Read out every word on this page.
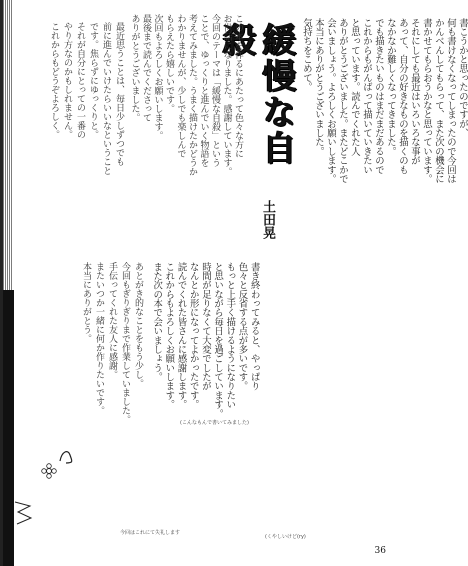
緩慢な自殺
土田晃
書こうかと思ったのですが、
何も書けなくなってしまったので今回は
かんべんしてもらって、また次の機会に
書かせてもらおうかなと思っています。
それにしても最近はいろいろな事が
あって、自分の好きなものを描くのも
なかなか難しくなってきました。
でも描きたいものはまだまだあるので
これからもがんばって描いていきたい
と思っています。読んでくれた人
ありがとうございました。またどこかで
会いましょう。よろしくお願いします。
本当にありがとうございました。
気持ちをこめて。
この本を作るにあたって色々な方に
お世話になりました。感謝しています。
今回のテーマは「緩慢な自殺」という
ことで、ゆっくりと進んでいく物語を
考えてみました。うまく描けたかどうか
わかりませんが、少しでも楽しんで
もらえたら嬉しいです。
次回もよろしくお願いします。
最後まで読んでくださって
ありがとうございました。
書き終わってみると、やっぱり
色々と反省する点が多いです。
もっと上手く描けるようになりたい
と思いながら毎日を過ごしています。
時間が足りなくて大変でしたが
なんとか形になってよかったです。
読んでくれた皆さんに感謝します。
これからもよろしくお願いします。
また次の本で会いましょう。
最近思うことは、毎日少しずつでも
前に進んでいけたらいいなということ
です。焦らずにゆっくりと。
それが自分にとっての一番の
やり方なのかもしれません。
これからもどうぞよろしく。
あとがき的なことをもう少し。
今回もぎりぎりまで作業していました。
手伝ってくれた友人に感謝。
またいつか一緒に何か作りたいです。
本当にありがとう。
(こんなもんで書いてみました)
(くやしいけど(ry)
今回はこれにて失礼します
36
